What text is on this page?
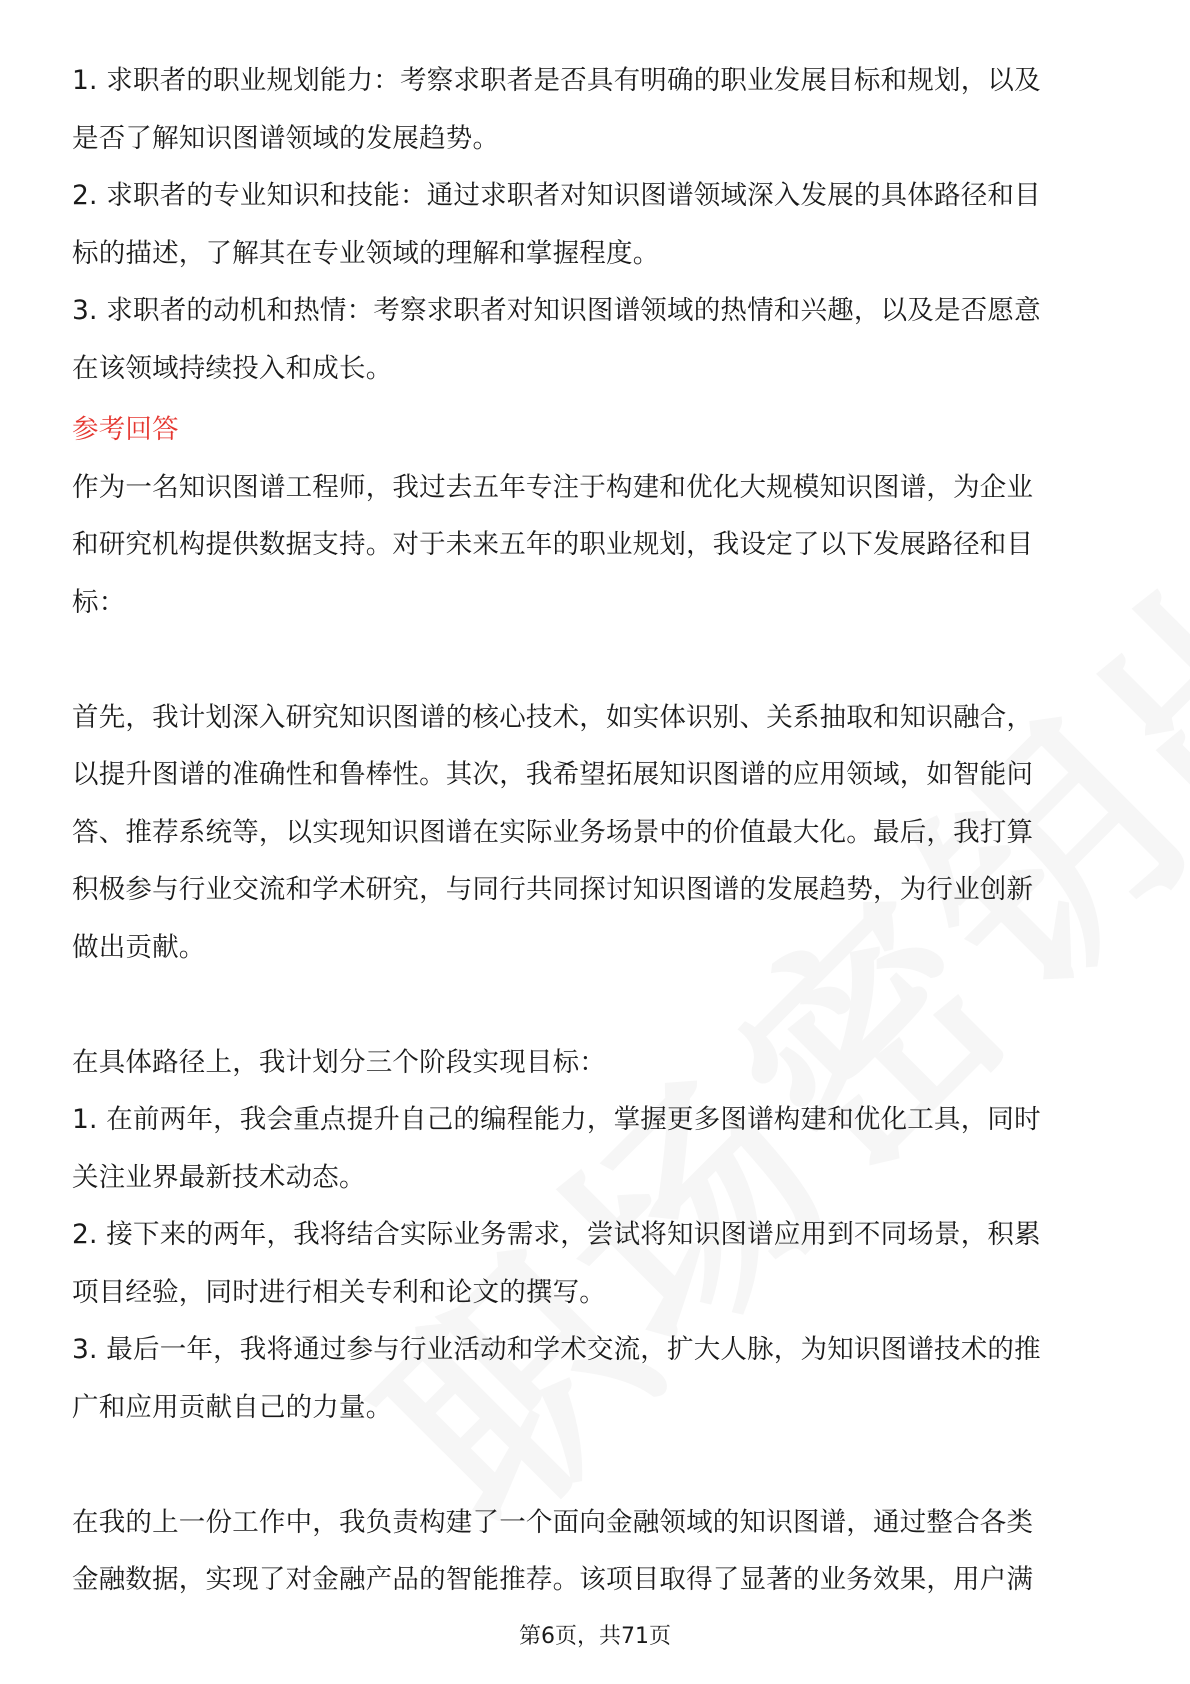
1. 求职者的职业规划能力：考察求职者是否具有明确的职业发展目标和规划，以及
是否了解知识图谱领域的发展趋势。
2. 求职者的专业知识和技能：通过求职者对知识图谱领域深入发展的具体路径和目
标的描述，了解其在专业领域的理解和掌握程度。
3. 求职者的动机和热情：考察求职者对知识图谱领域的热情和兴趣，以及是否愿意
在该领域持续投入和成长。
参考回答
作为一名知识图谱工程师，我过去五年专注于构建和优化大规模知识图谱，为企业
和研究机构提供数据支持。对于未来五年的职业规划，我设定了以下发展路径和目
标：
首先，我计划深入研究知识图谱的核心技术，如实体识别、关系抽取和知识融合，
以提升图谱的准确性和鲁棒性。其次，我希望拓展知识图谱的应用领域，如智能问
答、推荐系统等，以实现知识图谱在实际业务场景中的价值最大化。最后，我打算
积极参与行业交流和学术研究，与同行共同探讨知识图谱的发展趋势，为行业创新
做出贡献。
在具体路径上，我计划分三个阶段实现目标：
1. 在前两年，我会重点提升自己的编程能力，掌握更多图谱构建和优化工具，同时
关注业界最新技术动态。
2. 接下来的两年，我将结合实际业务需求，尝试将知识图谱应用到不同场景，积累
项目经验，同时进行相关专利和论文的撰写。
3. 最后一年，我将通过参与行业活动和学术交流，扩大人脉，为知识图谱技术的推
广和应用贡献自己的力量。
在我的上一份工作中，我负责构建了一个面向金融领域的知识图谱，通过整合各类
金融数据，实现了对金融产品的智能推荐。该项目取得了显著的业务效果，用户满
第6页，共71页
